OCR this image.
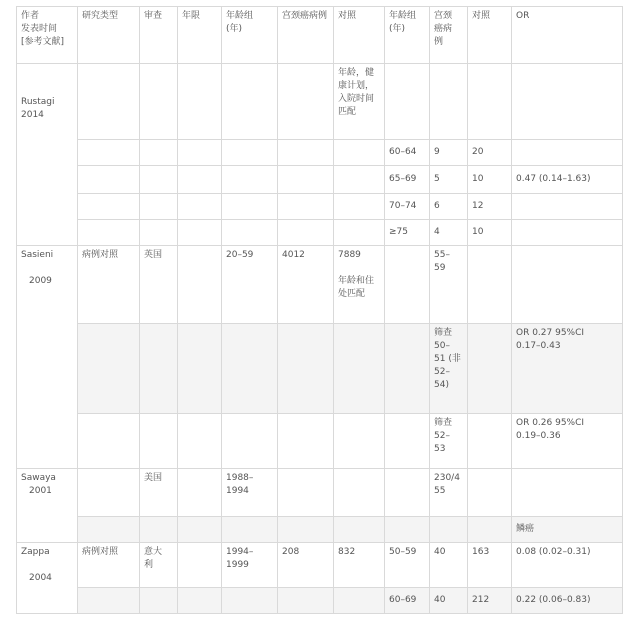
作者
发表时间
[参考文献]	研究类型	审查	年限	年龄组
(年)	宫颈癌病例	对照	年龄组
(年)	宫颈
癌病
例	对照	OR
Rustagi
2014						年龄，健
康计划，
入院时间
匹配				
							60–64	9	20	
							65–69	5	10	0.47 (0.14–1.63)
							70–74	6	12	
							≥75	4	10	
Sasieni
2009	病例对照	英国		20–59	4012	7889
年龄和住
处匹配		55–
59		
								筛查
50–
51 (非
52–
54)		OR 0.27 95%CI
0.17–0.43
								筛查
52–
53		OR 0.26 95%CI
0.19–0.36

Sawaya
2001		美国		1988–
1994				230/4
55		
										鳞癌

Zappa
2004	病例对照	意大
利		1994–
1999	208	832	50–59	40	163	0.08 (0.02–0.31)
							60–69	40	212	0.22 (0.06–0.83)
